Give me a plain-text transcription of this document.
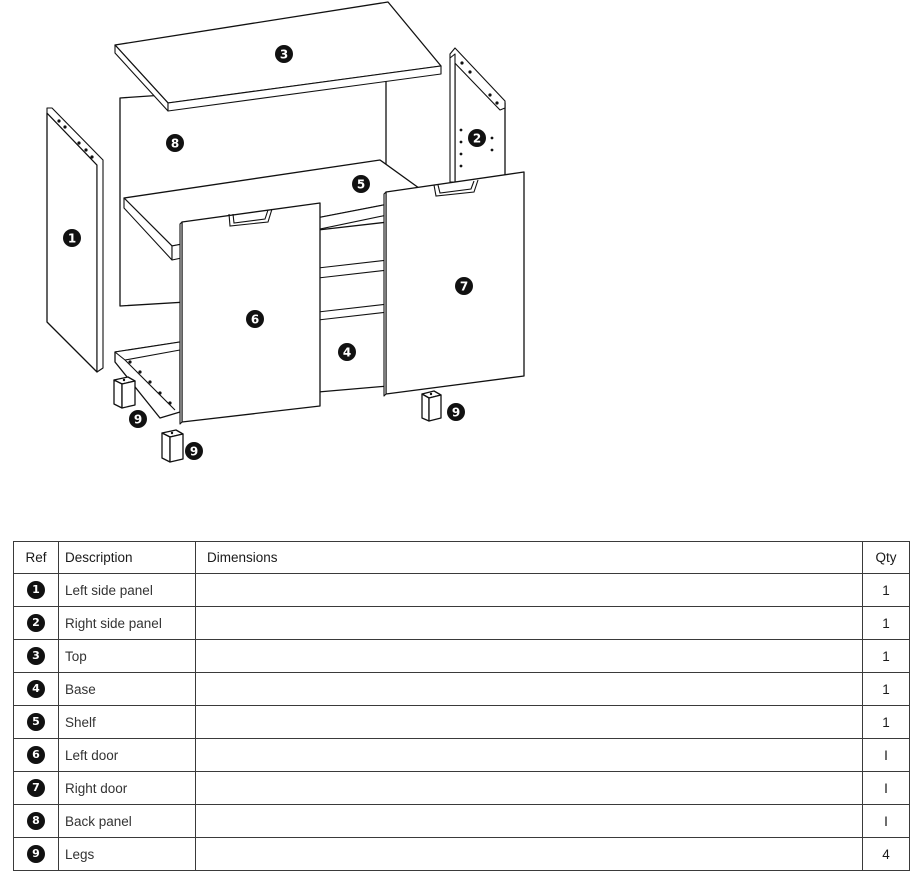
1
2
3
4
5
6
7
8
9
9
9
Ref	Description	Dimensions	Qty
1	Left side panel		1
2	Right side panel		1
3	Top		1
4	Base		1
5	Shelf		1
6	Left door		I
7	Right door		I
8	Back panel		I
9	Legs		4
